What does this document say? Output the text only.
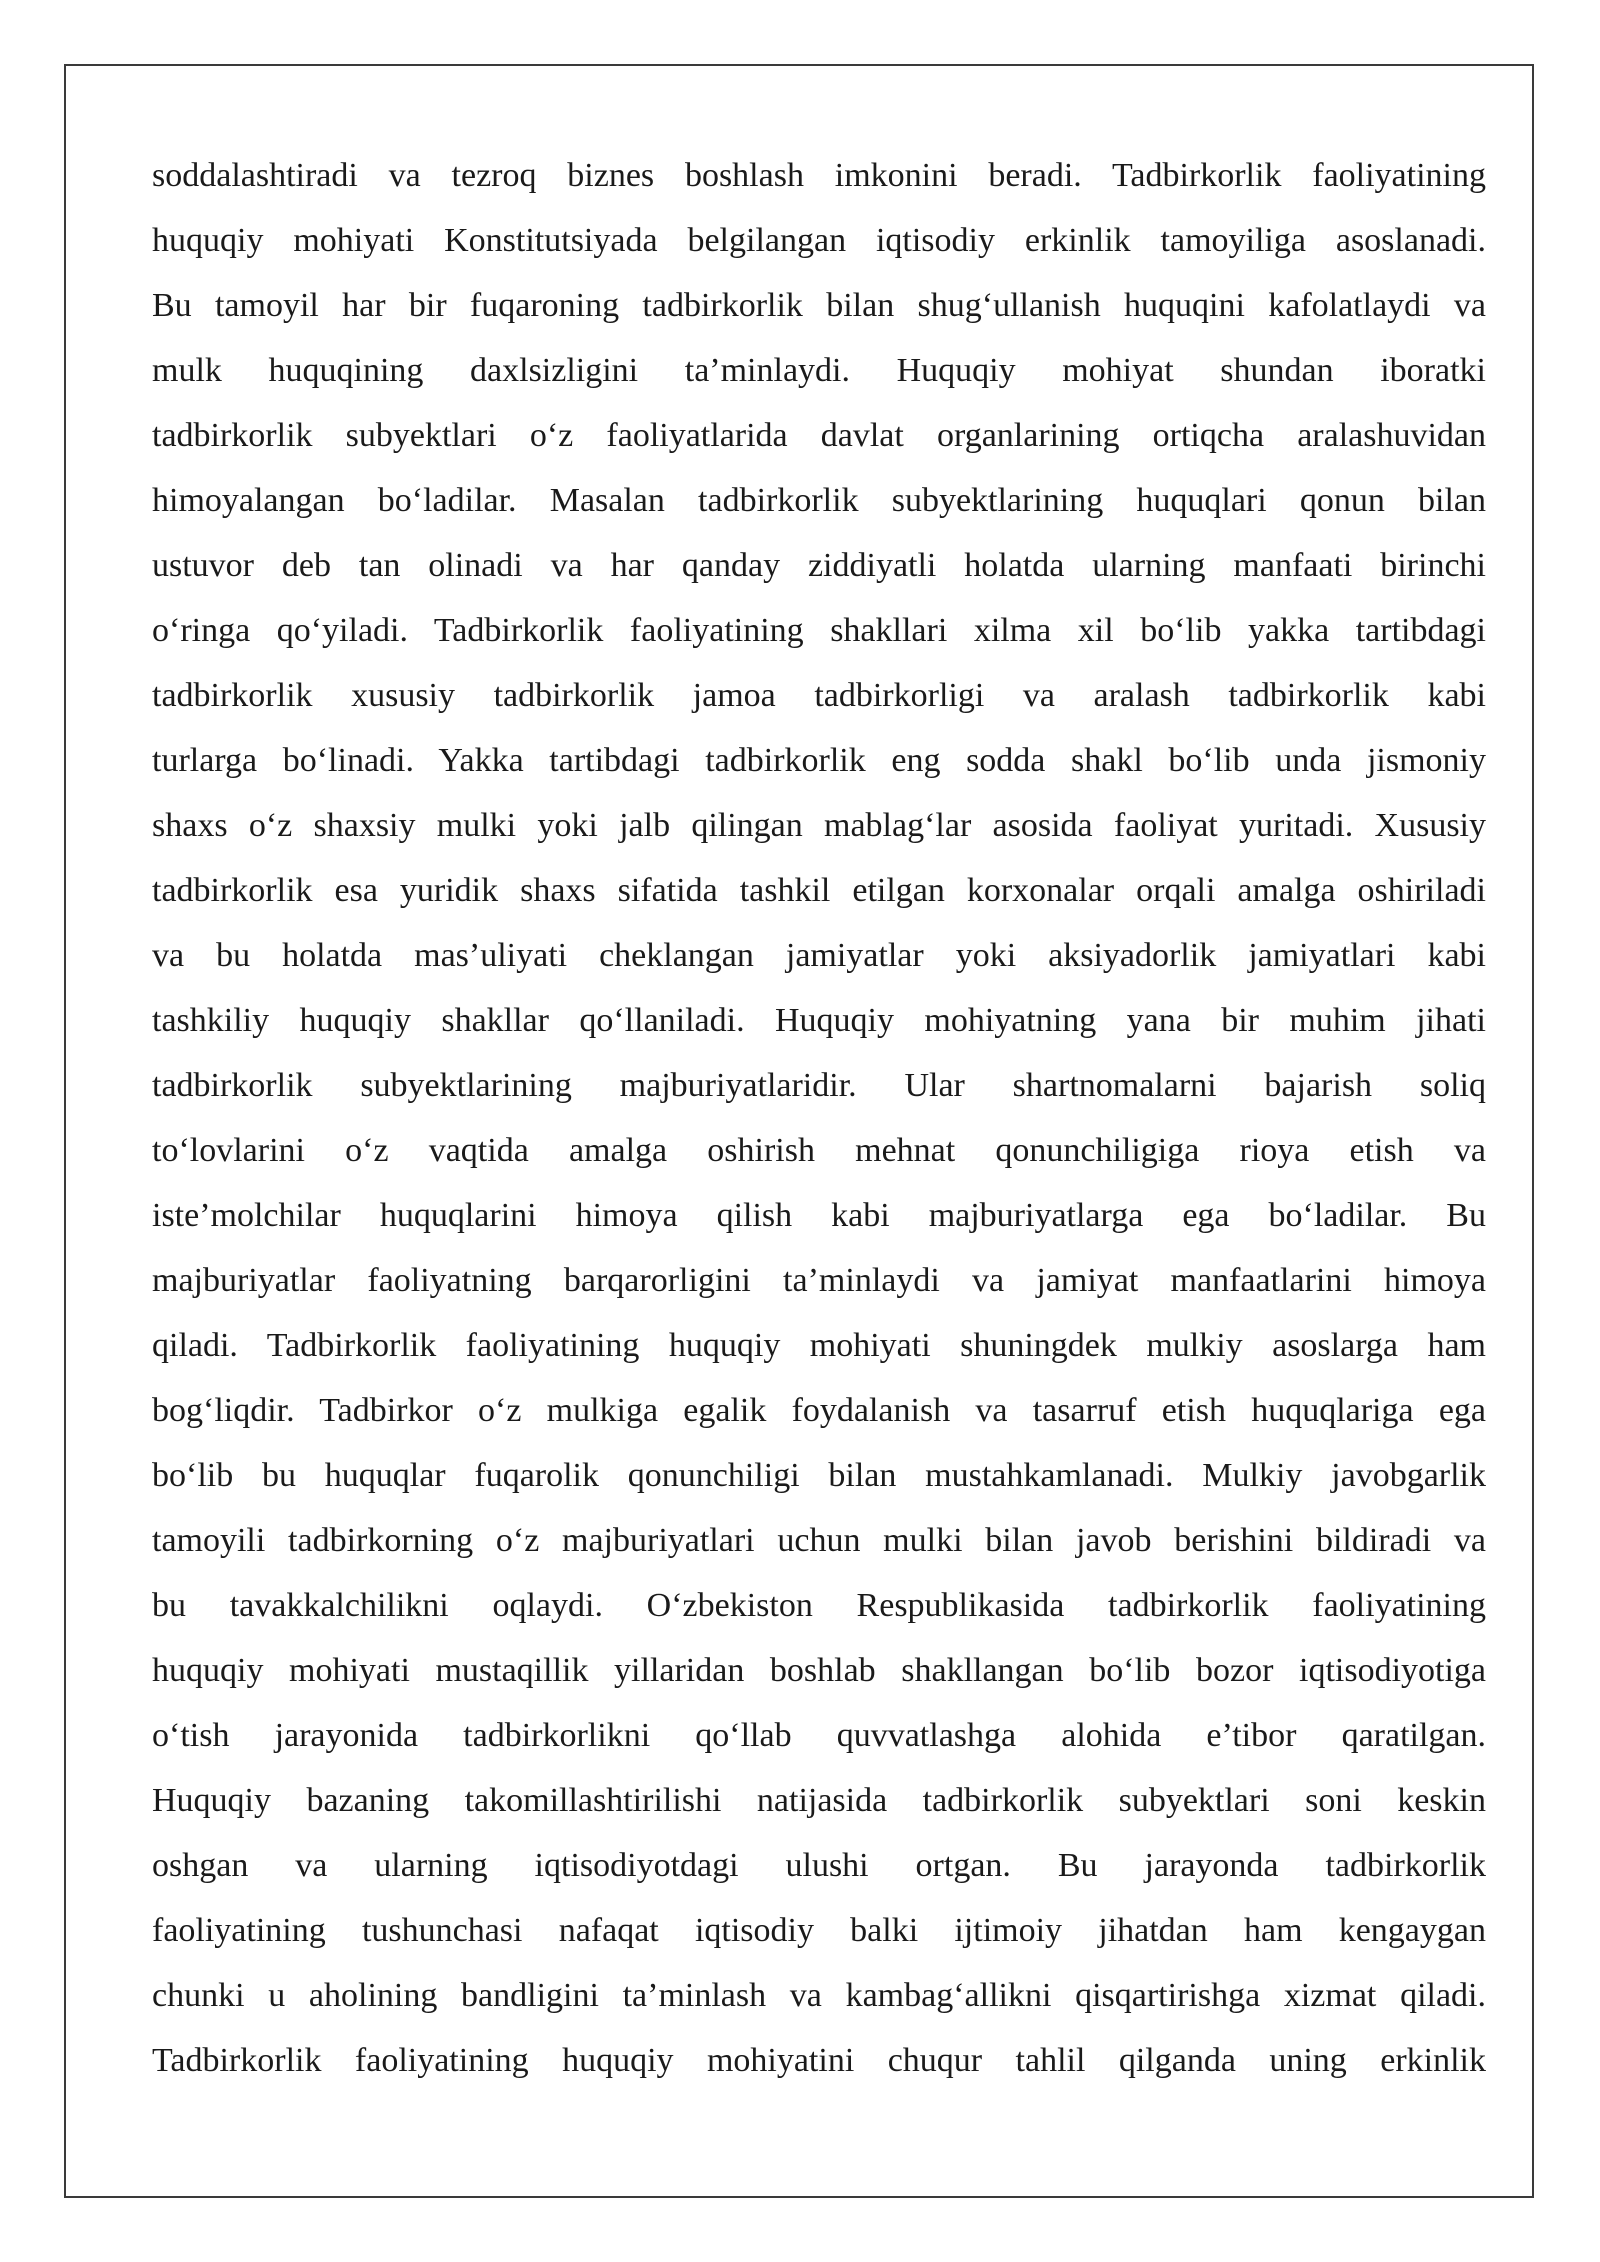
soddalashtiradi va tezroq biznes boshlash imkonini beradi. Tadbirkorlik faoliyatining
huquqiy mohiyati Konstitutsiyada belgilangan iqtisodiy erkinlik tamoyiliga asoslanadi.
Bu tamoyil har bir fuqaroning tadbirkorlik bilan shug‘ullanish huquqini kafolatlaydi va
mulk huquqining daxlsizligini ta’minlaydi. Huquqiy mohiyat shundan iboratki
tadbirkorlik subyektlari o‘z faoliyatlarida davlat organlarining ortiqcha aralashuvidan
himoyalangan bo‘ladilar. Masalan tadbirkorlik subyektlarining huquqlari qonun bilan
ustuvor deb tan olinadi va har qanday ziddiyatli holatda ularning manfaati birinchi
o‘ringa qo‘yiladi. Tadbirkorlik faoliyatining shakllari xilma xil bo‘lib yakka tartibdagi
tadbirkorlik xususiy tadbirkorlik jamoa tadbirkorligi va aralash tadbirkorlik kabi
turlarga bo‘linadi. Yakka tartibdagi tadbirkorlik eng sodda shakl bo‘lib unda jismoniy
shaxs o‘z shaxsiy mulki yoki jalb qilingan mablag‘lar asosida faoliyat yuritadi. Xususiy
tadbirkorlik esa yuridik shaxs sifatida tashkil etilgan korxonalar orqali amalga oshiriladi
va bu holatda mas’uliyati cheklangan jamiyatlar yoki aksiyadorlik jamiyatlari kabi
tashkiliy huquqiy shakllar qo‘llaniladi. Huquqiy mohiyatning yana bir muhim jihati
tadbirkorlik subyektlarining majburiyatlaridir. Ular shartnomalarni bajarish soliq
to‘lovlarini o‘z vaqtida amalga oshirish mehnat qonunchiligiga rioya etish va
iste’molchilar huquqlarini himoya qilish kabi majburiyatlarga ega bo‘ladilar. Bu
majburiyatlar faoliyatning barqarorligini ta’minlaydi va jamiyat manfaatlarini himoya
qiladi. Tadbirkorlik faoliyatining huquqiy mohiyati shuningdek mulkiy asoslarga ham
bog‘liqdir. Tadbirkor o‘z mulkiga egalik foydalanish va tasarruf etish huquqlariga ega
bo‘lib bu huquqlar fuqarolik qonunchiligi bilan mustahkamlanadi. Mulkiy javobgarlik
tamoyili tadbirkorning o‘z majburiyatlari uchun mulki bilan javob berishini bildiradi va
bu tavakkalchilikni oqlaydi. O‘zbekiston Respublikasida tadbirkorlik faoliyatining
huquqiy mohiyati mustaqillik yillaridan boshlab shakllangan bo‘lib bozor iqtisodiyotiga
o‘tish jarayonida tadbirkorlikni qo‘llab quvvatlashga alohida e’tibor qaratilgan.
Huquqiy bazaning takomillashtirilishi natijasida tadbirkorlik subyektlari soni keskin
oshgan va ularning iqtisodiyotdagi ulushi ortgan. Bu jarayonda tadbirkorlik
faoliyatining tushunchasi nafaqat iqtisodiy balki ijtimoiy jihatdan ham kengaygan
chunki u aholining bandligini ta’minlash va kambag‘allikni qisqartirishga xizmat qiladi.
Tadbirkorlik faoliyatining huquqiy mohiyatini chuqur tahlil qilganda uning erkinlik
